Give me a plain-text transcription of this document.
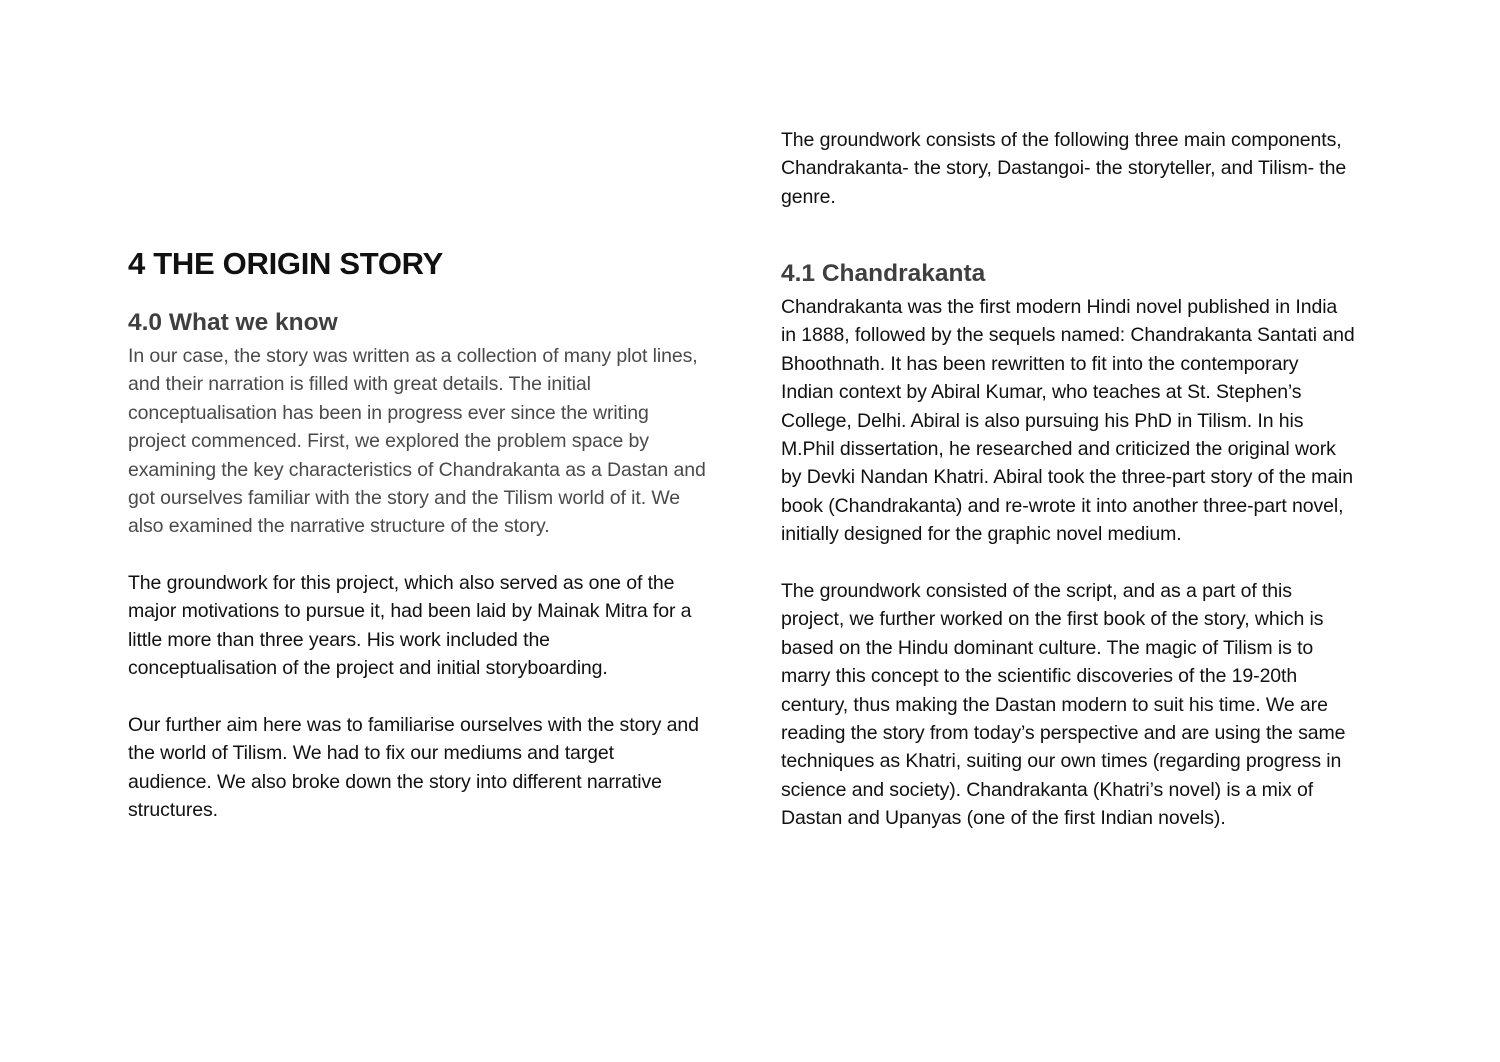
4 THE ORIGIN STORY
4.0 What we know

In our case, the story was written as a collection of many plot lines,
and their narration is filled with great details. The initial
conceptualisation has been in progress ever since the writing
project commenced. First, we explored the problem space by
examining the key characteristics of Chandrakanta as a Dastan and
got ourselves familiar with the story and the Tilism world of it. We
also examined the narrative structure of the story.

The groundwork for this project, which also served as one of the
major motivations to pursue it, had been laid by Mainak Mitra for a
little more than three years. His work included the
conceptualisation of the project and initial storyboarding.

Our further aim here was to familiarise ourselves with the story and
the world of Tilism. We had to fix our mediums and target
audience. We also broke down the story into different narrative
structures.

The groundwork consists of the following three main components,
Chandrakanta- the story, Dastangoi- the storyteller, and Tilism- the
genre.

4.1 Chandrakanta

Chandrakanta was the first modern Hindi novel published in India
in 1888, followed by the sequels named: Chandrakanta Santati and
Bhoothnath. It has been rewritten to fit into the contemporary
Indian context by Abiral Kumar, who teaches at St. Stephen’s
College, Delhi. Abiral is also pursuing his PhD in Tilism. In his
M.Phil dissertation, he researched and criticized the original work
by Devki Nandan Khatri. Abiral took the three-part story of the main
book (Chandrakanta) and re-wrote it into another three-part novel,
initially designed for the graphic novel medium.

The groundwork consisted of the script, and as a part of this
project, we further worked on the first book of the story, which is
based on the Hindu dominant culture. The magic of Tilism is to
marry this concept to the scientific discoveries of the 19-20th
century, thus making the Dastan modern to suit his time. We are
reading the story from today’s perspective and are using the same
techniques as Khatri, suiting our own times (regarding progress in
science and society). Chandrakanta (Khatri’s novel) is a mix of
Dastan and Upanyas (one of the first Indian novels).
